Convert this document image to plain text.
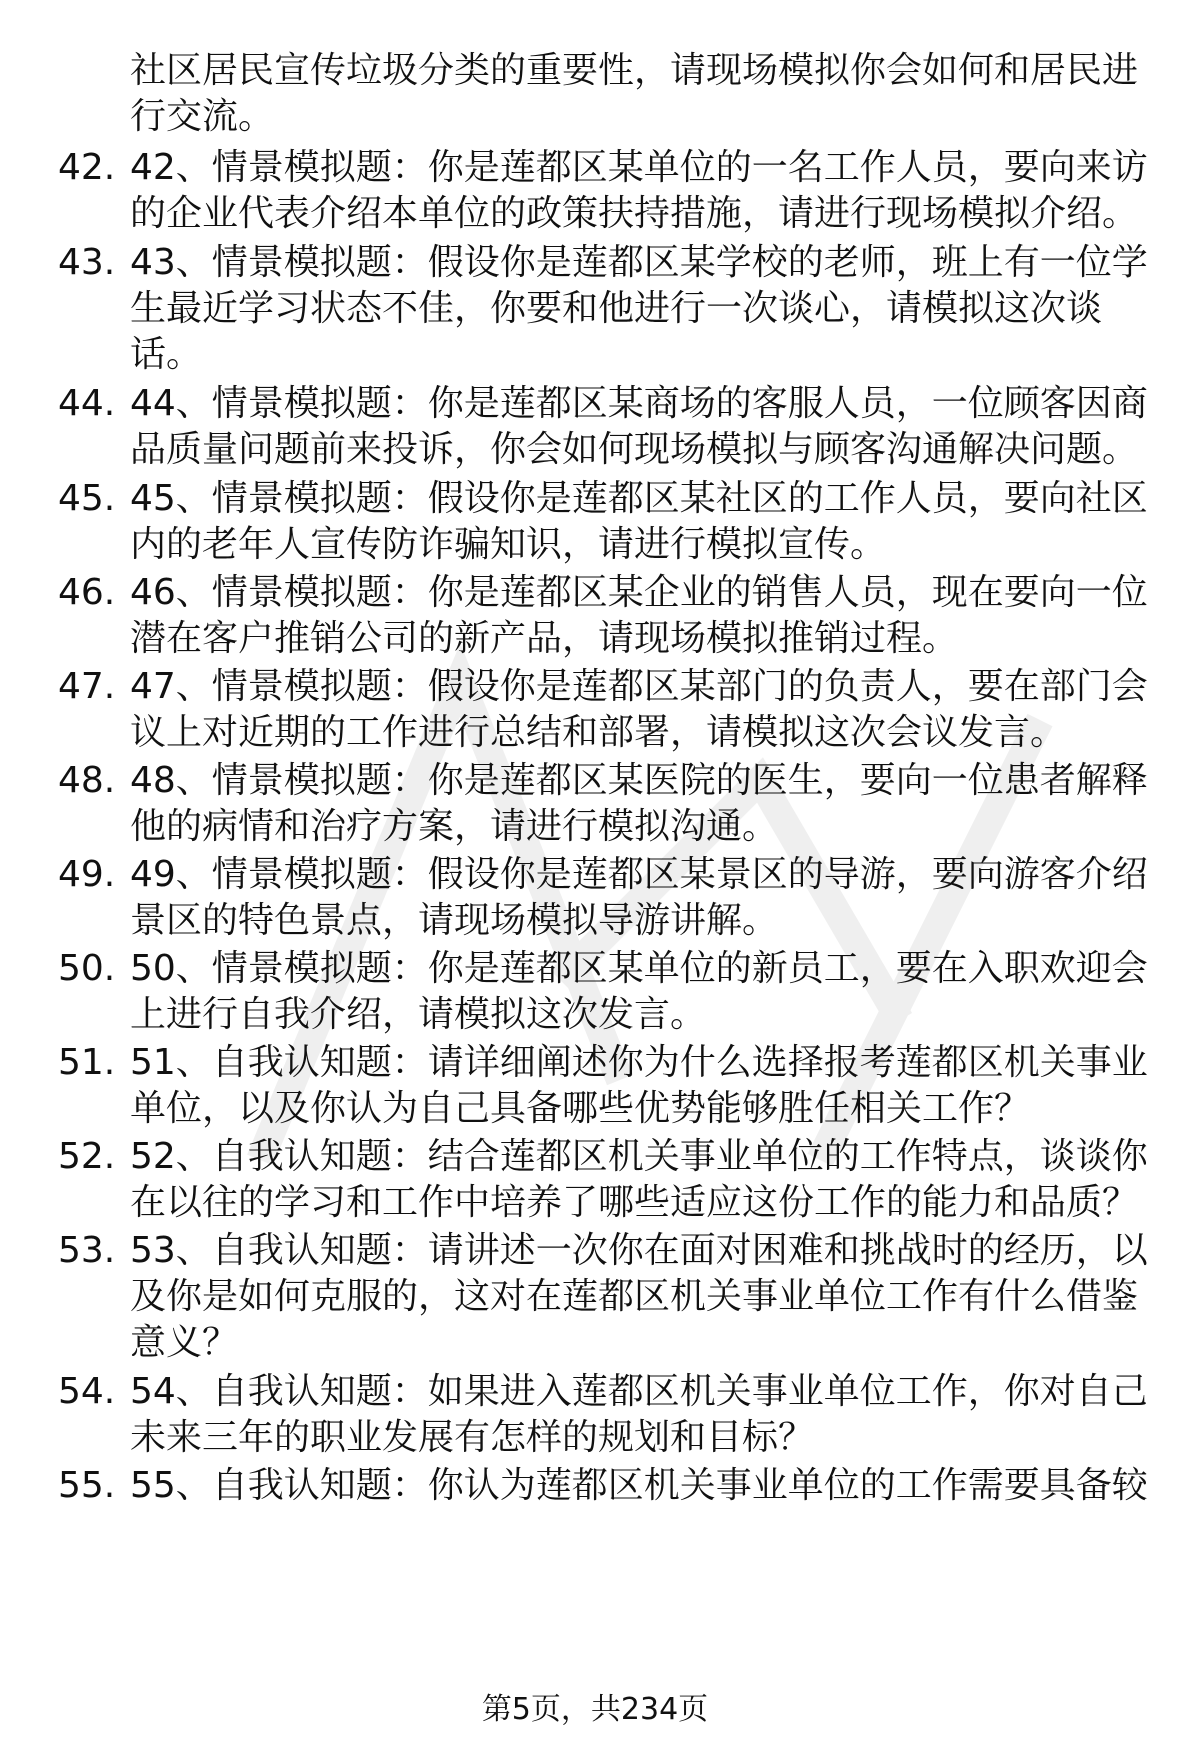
社区居民宣传垃圾分类的重要性，请现场模拟你会如何和居民进
行交流。
42. 42、情景模拟题：你是莲都区某单位的一名工作人员，要向来访
的企业代表介绍本单位的政策扶持措施，请进行现场模拟介绍。
43. 43、情景模拟题：假设你是莲都区某学校的老师，班上有一位学
生最近学习状态不佳，你要和他进行一次谈心，请模拟这次谈
话。
44. 44、情景模拟题：你是莲都区某商场的客服人员，一位顾客因商
品质量问题前来投诉，你会如何现场模拟与顾客沟通解决问题。
45. 45、情景模拟题：假设你是莲都区某社区的工作人员，要向社区
内的老年人宣传防诈骗知识，请进行模拟宣传。
46. 46、情景模拟题：你是莲都区某企业的销售人员，现在要向一位
潜在客户推销公司的新产品，请现场模拟推销过程。
47. 47、情景模拟题：假设你是莲都区某部门的负责人，要在部门会
议上对近期的工作进行总结和部署，请模拟这次会议发言。
48. 48、情景模拟题：你是莲都区某医院的医生，要向一位患者解释
他的病情和治疗方案，请进行模拟沟通。
49. 49、情景模拟题：假设你是莲都区某景区的导游，要向游客介绍
景区的特色景点，请现场模拟导游讲解。
50. 50、情景模拟题：你是莲都区某单位的新员工，要在入职欢迎会
上进行自我介绍，请模拟这次发言。
51. 51、自我认知题：请详细阐述你为什么选择报考莲都区机关事业
单位，以及你认为自己具备哪些优势能够胜任相关工作？
52. 52、自我认知题：结合莲都区机关事业单位的工作特点，谈谈你
在以往的学习和工作中培养了哪些适应这份工作的能力和品质？
53. 53、自我认知题：请讲述一次你在面对困难和挑战时的经历，以
及你是如何克服的，这对在莲都区机关事业单位工作有什么借鉴
意义？
54. 54、自我认知题：如果进入莲都区机关事业单位工作，你对自己
未来三年的职业发展有怎样的规划和目标？
55. 55、自我认知题：你认为莲都区机关事业单位的工作需要具备较
第5页，共234页
